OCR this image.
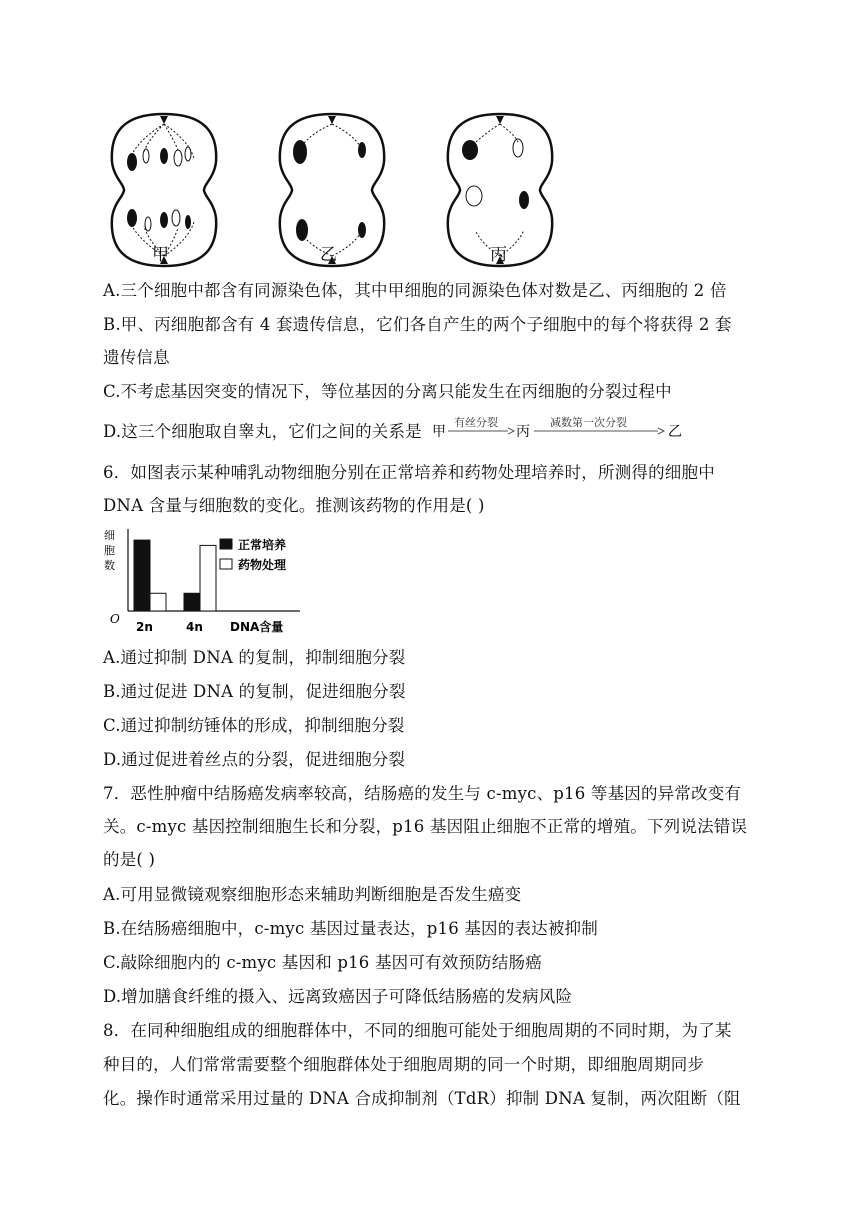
甲	乙	丙
A.三个细胞中都含有同源染色体，其中甲细胞的同源染色体对数是乙、丙细胞的 2 倍
B.甲、丙细胞都含有 4 套遗传信息，它们各自产生的两个子细胞中的每个将获得 2 套
遗传信息
C.不考虑基因突变的情况下，等位基因的分离只能发生在丙细胞的分裂过程中
D.这三个细胞取自睾丸，它们之间的关系是 甲
有丝分裂
丙
减数第一次分裂
乙
6．如图表示某种哺乳动物细胞分别在正常培养和药物处理培养时，所测得的细胞中
DNA 含量与细胞数的变化。推测该药物的作用是( )
细
胞
数
O
2n	4n DNA含量
正常培养
药物处理
A.通过抑制 DNA 的复制，抑制细胞分裂
B.通过促进 DNA 的复制，促进细胞分裂
C.通过抑制纺锤体的形成，抑制细胞分裂
D.通过促进着丝点的分裂，促进细胞分裂
7．恶性肿瘤中结肠癌发病率较高，结肠癌的发生与 c-myc、p16 等基因的异常改变有
关。c-myc 基因控制细胞生长和分裂，p16 基因阻止细胞不正常的增殖。下列说法错误
的是( )
A.可用显微镜观察细胞形态来辅助判断细胞是否发生癌变
B.在结肠癌细胞中，c-myc 基因过量表达，p16 基因的表达被抑制
C.敲除细胞内的 c-myc 基因和 p16 基因可有效预防结肠癌
D.增加膳食纤维的摄入、远离致癌因子可降低结肠癌的发病风险
8．在同种细胞组成的细胞群体中，不同的细胞可能处于细胞周期的不同时期，为了某
种目的，人们常常需要整个细胞群体处于细胞周期的同一个时期，即细胞周期同步
化。操作时通常采用过量的 DNA 合成抑制剂（TdR）抑制 DNA 复制，两次阻断（阻
